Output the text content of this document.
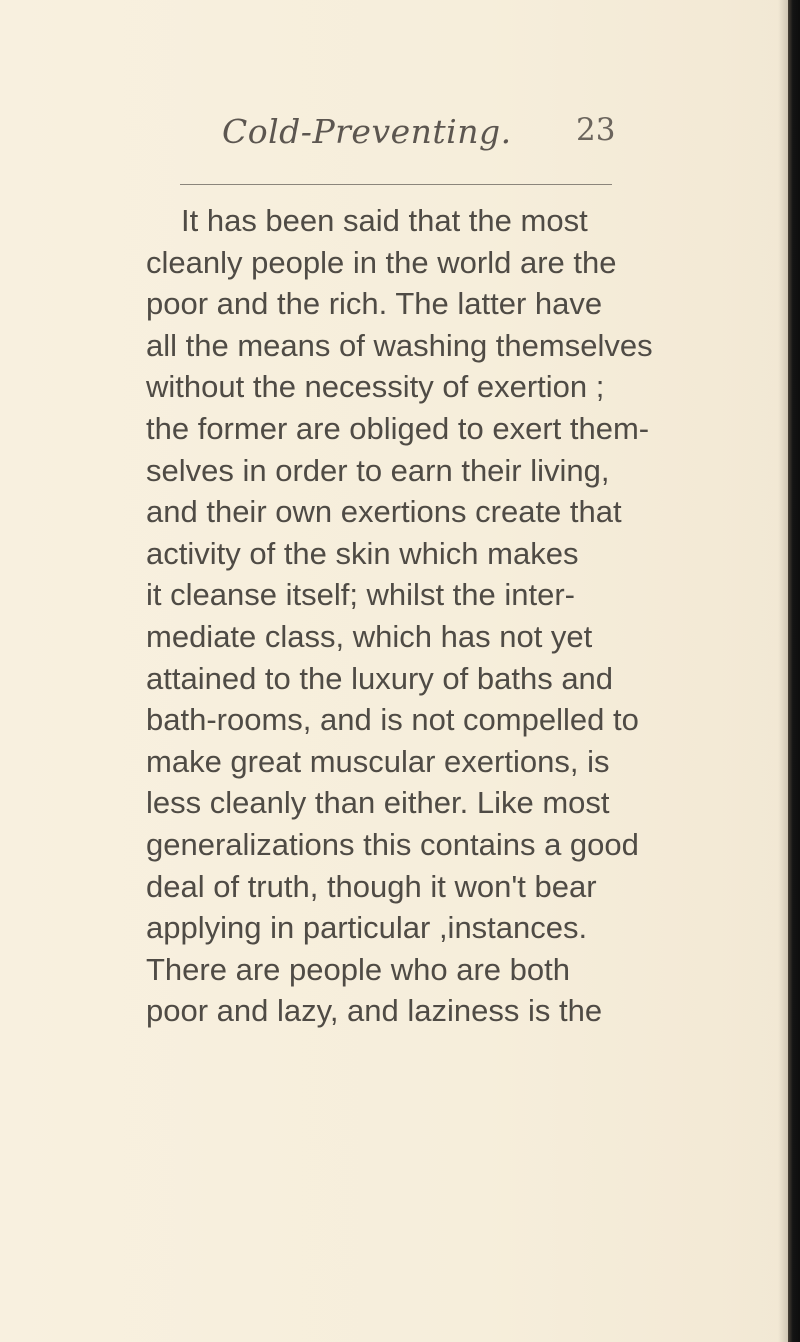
Cold-Preventing. 23
It has been said that the most
cleanly people in the world are the
poor and the rich. The latter have
all the means of washing themselves
without the necessity of exertion ;
the former are obliged to exert them-
selves in order to earn their living,
and their own exertions create that
activity of the skin which makes
it cleanse itself; whilst the inter-
mediate class, which has not yet
attained to the luxury of baths and
bath-rooms, and is not compelled to
make great muscular exertions, is
less cleanly than either. Like most
generalizations this contains a good
deal of truth, though it won't bear
applying in particular ,instances.
There are people who are both
poor and lazy, and laziness is the
